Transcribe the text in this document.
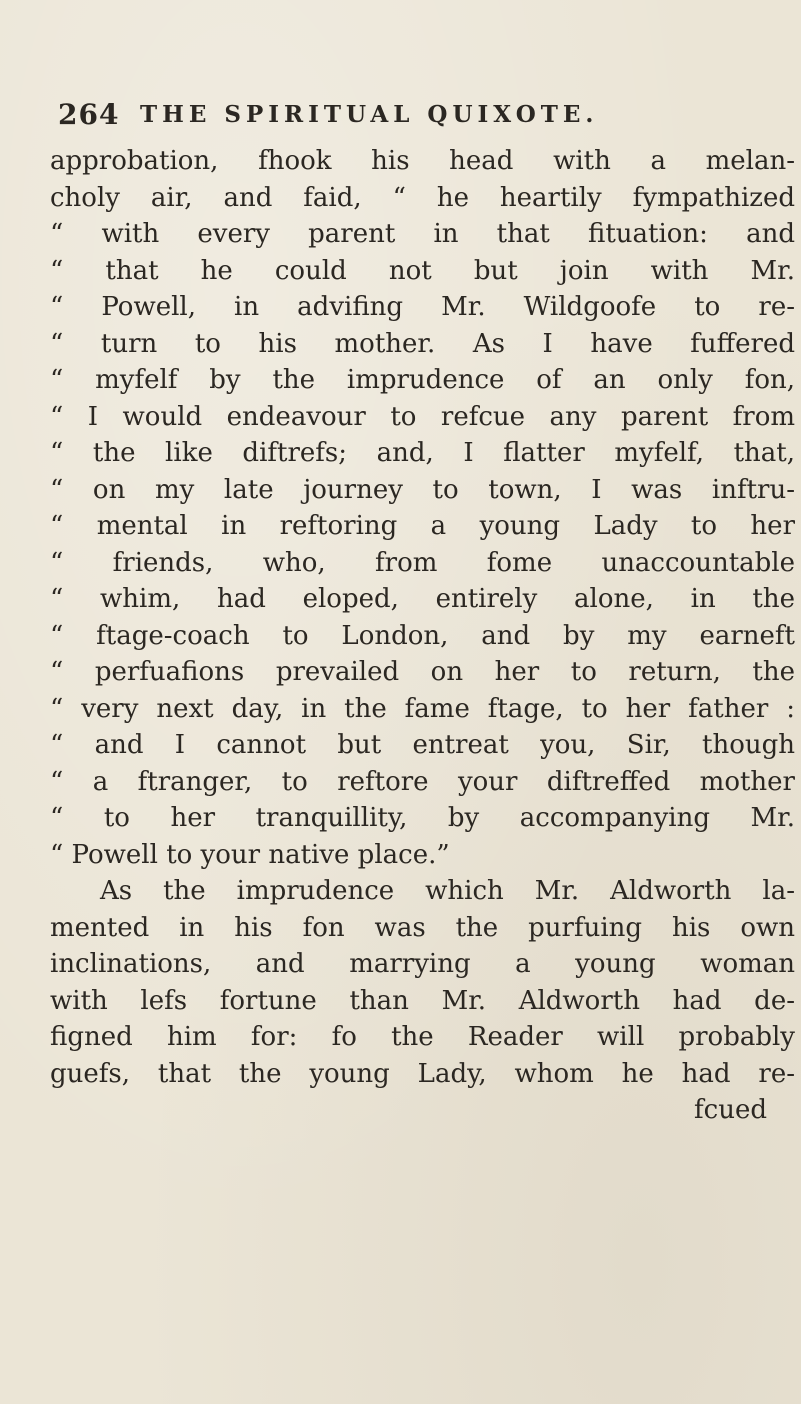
264 THE SPIRITUAL QUIXOTE.
approbation, fhook his head with a melan-
choly air, and faid, “ he heartily fympathized
“ with every parent in that fituation: and
“ that he could not but join with Mr.
“ Powell, in advifing Mr. Wildgoofe to re-
“ turn to his mother. As I have fuffered
“ myfelf by the imprudence of an only fon,
“ I would endeavour to refcue any parent from
“ the like diftrefs; and, I flatter myfelf, that,
“ on my late journey to town, I was inftru-
“ mental in reftoring a young Lady to her
“ friends, who, from fome unaccountable
“ whim, had eloped, entirely alone, in the
“ ftage-coach to London, and by my earneft
“ perfuafions prevailed on her to return, the
“ very next day, in the fame ftage, to her father :
“ and I cannot but entreat you, Sir, though
“ a ftranger, to reftore your diftreffed mother
“ to her tranquillity, by accompanying Mr.
“ Powell to your native place.”
As the imprudence which Mr. Aldworth la-
mented in his fon was the purfuing his own
inclinations, and marrying a young woman
with lefs fortune than Mr. Aldworth had de-
figned him for: fo the Reader will probably
guefs, that the young Lady, whom he had re-
fcued
